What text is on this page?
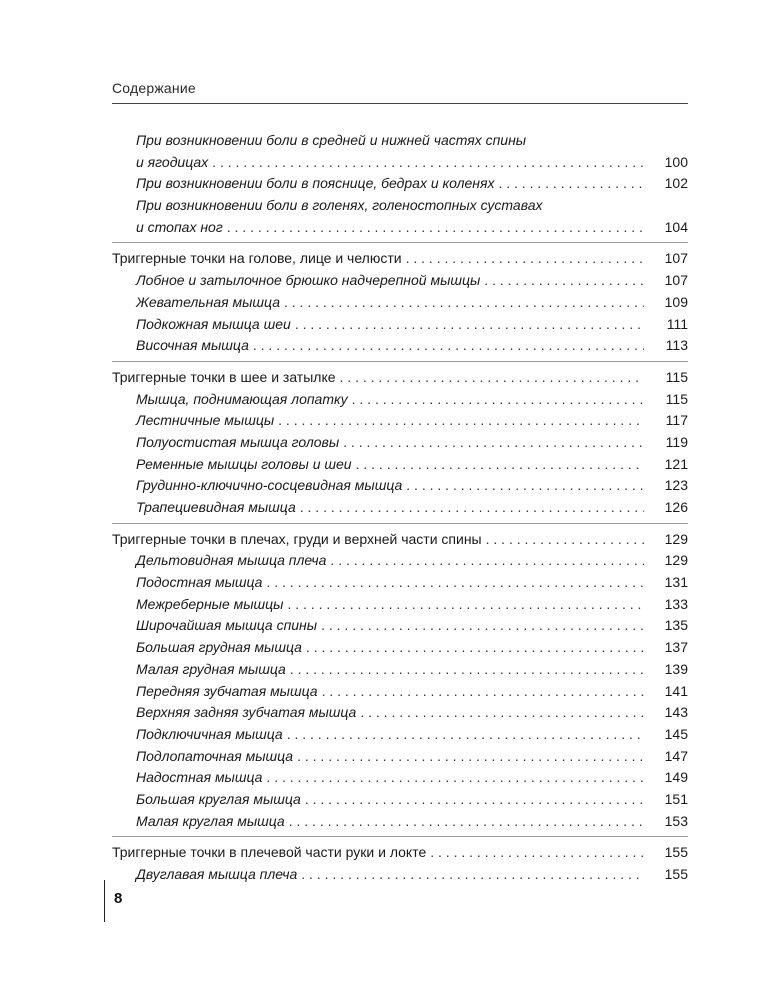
Содержание
При возникновении боли в средней и нижней частях спины
и ягодицах . . .	100
При возникновении боли в пояснице, бедрах и коленях . . .	102
При возникновении боли в голенях, голеностопных суставах
и стопах ног . . .	104
Триггерные точки на голове, лице и челюсти . . .	107
Лобное и затылочное брюшко надчерепной мышцы . . .	107
Жевательная мышца . . .	109
Подкожная мышца шеи . . .	111
Височная мышца . . .	113
Триггерные точки в шее и затылке . . .	115
Мышца, поднимающая лопатку . . .	115
Лестничные мышцы . . .	117
Полуостистая мышца головы . . .	119
Ременные мышцы головы и шеи . . .	121
Грудинно-ключично-сосцевидная мышца . . .	123
Трапециевидная мышца . . .	126
Триггерные точки в плечах, груди и верхней части спины . . .	129
Дельтовидная мышца плеча . . .	129
Подостная мышца . . .	131
Межреберные мышцы . . .	133
Широчайшая мышца спины . . .	135
Большая грудная мышца . . .	137
Малая грудная мышца . . .	139
Передняя зубчатая мышца . . .	141
Верхняя задняя зубчатая мышца . . .	143
Подключичная мышца . . .	145
Подлопаточная мышца . . .	147
Надостная мышца . . .	149
Большая круглая мышца . . .	151
Малая круглая мышца . . .	153
Триггерные точки в плечевой части руки и локте . . .	155
Двуглавая мышца плеча . . .	155
8
